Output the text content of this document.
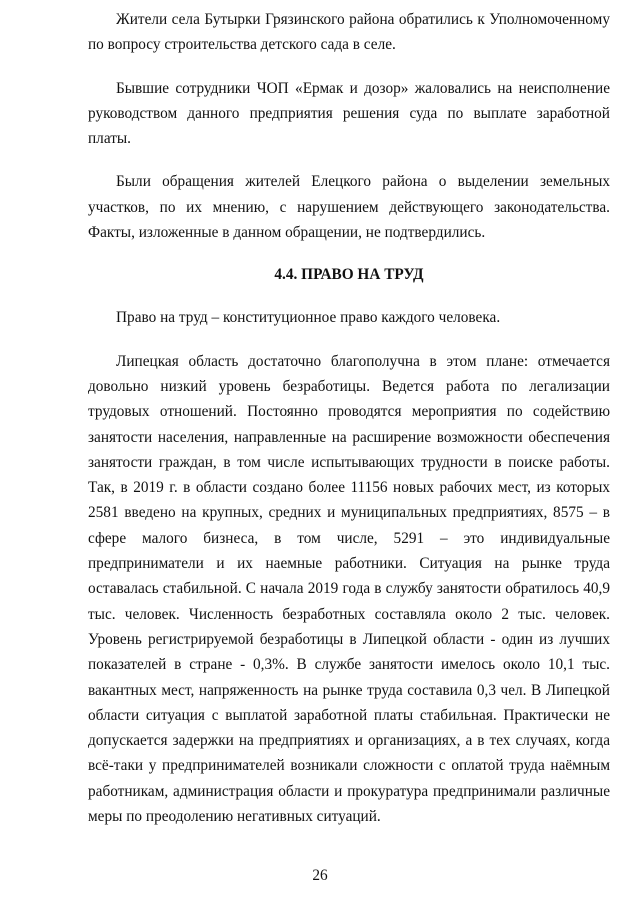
Жители села Бутырки Грязинского района обратились к Уполномоченному по вопросу строительства детского сада в селе.

Бывшие сотрудники ЧОП «Ермак и дозор» жаловались на неисполнение руководством данного предприятия решения суда по выплате заработной платы.

Были обращения жителей Елецкого района о выделении земельных участков, по их мнению, с нарушением действующего законодательства. Факты, изложенные в данном обращении, не подтвердились.

4.4. ПРАВО НА ТРУД

Право на труд – конституционное право каждого человека.

Липецкая область достаточно благополучна в этом плане: отмечается довольно низкий уровень безработицы. Ведется работа по легализации трудовых отношений. Постоянно проводятся мероприятия по содействию занятости населения, направленные на расширение возможности обеспечения занятости граждан, в том числе испытывающих трудности в поиске работы. Так, в 2019 г. в области создано более 11156 новых рабочих мест, из которых 2581 введено на крупных, средних и муниципальных предприятиях, 8575 – в сфере малого бизнеса, в том числе, 5291 – это индивидуальные предприниматели и их наемные работники. Ситуация на рынке труда оставалась стабильной. С начала 2019 года в службу занятости обратилось 40,9 тыс. человек. Численность безработных составляла около 2 тыс. человек. Уровень регистрируемой безработицы в Липецкой области - один из лучших показателей в стране - 0,3%. В службе занятости имелось около 10,1 тыс. вакантных мест, напряженность на рынке труда составила 0,3 чел. В Липецкой области ситуация с выплатой заработной платы стабильная. Практически не допускается задержки на предприятиях и организациях, а в тех случаях, когда всё-таки у предпринимателей возникали сложности с оплатой труда наёмным работникам, администрация области и прокуратура предпринимали различные меры по преодолению негативных ситуаций.

26
